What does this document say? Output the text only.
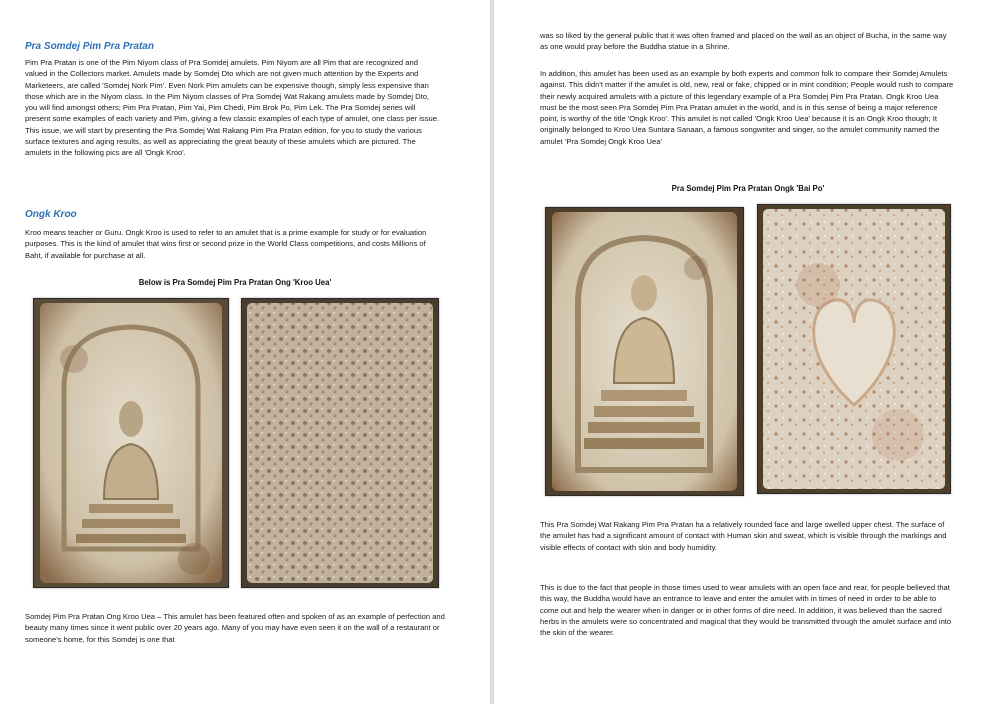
Pra Somdej Pim Pra Pratan

Pim Pra Pratan is one of the Pim Niyom class of Pra Somdej amulets. Pim Niyom are all Pim that are recognized and valued in the Collectors market. Amulets made by Somdej Dto which are not given much attention by the Experts and Marketeers, are called 'Somdej Nork Pim'. Even Nork Pim amulets can be expensive though, simply less expensive than those which are in the Niyom class. In the Pim Niyom classes of Pra Somdej Wat Rakang amulets made by Somdej Dto, you will find amongst others; Pim Pra Pratan, Pim Yai, Pim Chedi, Pim Brok Po, Pim Lek. The Pra Somdej series will present some examples of each variety and Pim, giving a few classic examples of each type of amulet, one class per issue. This issue, we will start by presenting the Pra Somdej Wat Rakang Pim Pra Pratan edition, for you to study the various surface textures and aging results, as well as appreciating the great beauty of these amulets which are pictured. The amulets in the following pics are all 'Ongk Kroo'.

Ongk Kroo

Kroo means teacher or Guru. Ongk Kroo is used to refer to an amulet that is a prime example for study or for evaluation purposes. This is the kind of amulet that wins first or second prize in the World Class competitions, and costs Millions of Baht, if available for purchase at all.

Below is Pra Somdej Pim Pra Pratan Ong 'Kroo Uea'

Somdej Pim Pra Pratan Ong Kroo Uea – This amulet has been featured often and spoken of as an example of perfection and beauty many times since it went public over 20 years ago. Many of you may have even seen it on the wall of a restaurant or someone's home, for this Somdej is one that

was so liked by the general public that it was often framed and placed on the wall as an object of Bucha, in the same way as one would pray before the Buddha statue in a Shrine.

In addition, this amulet has been used as an example by both experts and common folk to compare their Somdej Amulets against. This didn't matter if the amulet is old, new, real or fake, chipped or in mint condition; People would rush to compare their newly acquired amulets with a picture of this legendary example of a Pra Somdej Pim Pra Pratan. Ongk Kroo Uea must be the most seen Pra Somdej Pim Pra Pratan amulet in the world, and is in this sense of being a major reference point, is worthy of the title 'Ongk Kroo'. This amulet is not called 'Ongk Kroo Uea' because it is an Ongk Kroo though; It originally belonged to Kroo Uea Suntara Sanaan, a famous songwriter and singer, so the amulet community named the amulet 'Pra Somdej Ongk Kroo Uea'

Pra Somdej Pim Pra Pratan Ongk 'Bai Po'

This Pra Somdej Wat Rakang Pim Pra Pratan ha a relatively rounded face and large swelled upper chest. The surface of the amulet has had a significant amount of contact with Human skin and sweat, which is visible through the markings and visible effects of contact with skin and body humidity.

This is due to the fact that people in those times used to wear amulets with an open face and rear, for people believed that this way, the Buddha would have an entrance to leave and enter the amulet with in times of need in order to be able to come out and help the wearer when in danger or in other forms of dire need. In addition, it was believed than the sacred herbs in the amulets were so concentrated and magical that they would be transmitted through the amulet surface and into the skin of the wearer.
